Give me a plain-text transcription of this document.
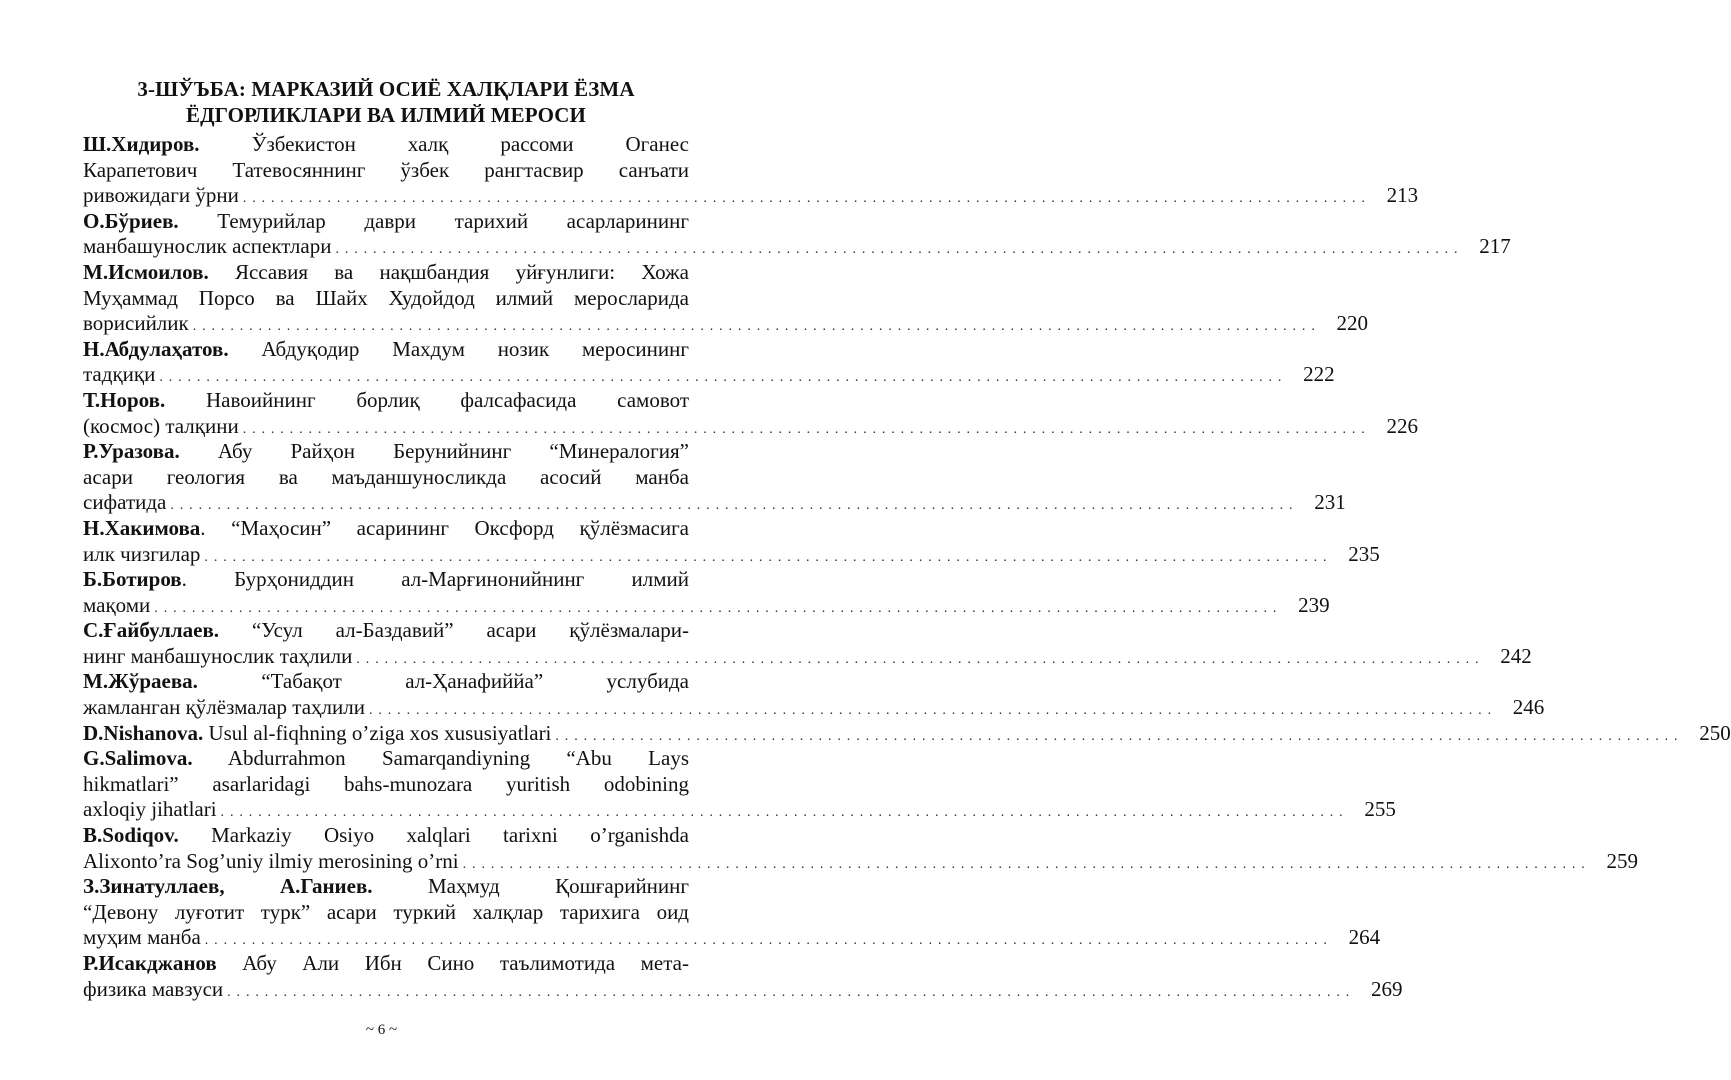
3-ШЎЪБА: МАРКАЗИЙ ОСИЁ ХАЛҚЛАРИ ЁЗМА
ЁДГОРЛИКЛАРИ ВА ИЛМИЙ МЕРОСИ
Ш.Хидиров. Ўзбекистон халқ рассоми Оганес
Карапетович Татевосяннинг ўзбек рангтасвир санъати
ривожидаги ўрни . . . . . . . . . . . . . . . . . . . . . . . . . . . . . . . . . . . . . . . . . . . . . . . . . . . . . . . . . . . . . . . . . . . . . . . . . . . . . . . . . . . . . . . . . . . . . . . . . . . . . . . . . . . . . . . . . . . . . . . . 213
О.Бўриев. Темурийлар даври тарихий асарларининг
манбашунослик аспектлари . . . . . . . . . . . . . . . . . . . . . . . . . . . . . . . . . . . . . . . . . . . . . . . . . . . . . . . . . . . . . . . . . . . . . . . . . . . . . . . . . . . . . . . . . . . . . . . . . . . . . . . . . . . . . . . . . . . . . . . . 217
М.Исмоилов. Яссавия ва нақшбандия уйғунлиги: Хожа
Муҳаммад Порсо ва Шайх Худойдод илмий меросларида
ворисийлик . . . . . . . . . . . . . . . . . . . . . . . . . . . . . . . . . . . . . . . . . . . . . . . . . . . . . . . . . . . . . . . . . . . . . . . . . . . . . . . . . . . . . . . . . . . . . . . . . . . . . . . . . . . . . . . . . . . . . . . . 220
Н.Абдулаҳатов. Абдуқодир Махдум нозик меросининг
тадқиқи . . . . . . . . . . . . . . . . . . . . . . . . . . . . . . . . . . . . . . . . . . . . . . . . . . . . . . . . . . . . . . . . . . . . . . . . . . . . . . . . . . . . . . . . . . . . . . . . . . . . . . . . . . . . . . . . . . . . . . . . 222
Т.Норов. Навоийнинг борлиқ фалсафасида самовот
(космос) талқини . . . . . . . . . . . . . . . . . . . . . . . . . . . . . . . . . . . . . . . . . . . . . . . . . . . . . . . . . . . . . . . . . . . . . . . . . . . . . . . . . . . . . . . . . . . . . . . . . . . . . . . . . . . . . . . . . . . . . . . . 226
Р.Уразова. Абу Райҳон Берунийнинг “Минералогия”
асари геология ва маъданшуносликда асосий манба
сифатида . . . . . . . . . . . . . . . . . . . . . . . . . . . . . . . . . . . . . . . . . . . . . . . . . . . . . . . . . . . . . . . . . . . . . . . . . . . . . . . . . . . . . . . . . . . . . . . . . . . . . . . . . . . . . . . . . . . . . . . . 231
Н.Хакимова. “Маҳосин” асарининг Оксфорд қўлёзмасига
илк чизгилар . . . . . . . . . . . . . . . . . . . . . . . . . . . . . . . . . . . . . . . . . . . . . . . . . . . . . . . . . . . . . . . . . . . . . . . . . . . . . . . . . . . . . . . . . . . . . . . . . . . . . . . . . . . . . . . . . . . . . . . . 235
Б.Ботиров. Бурҳониддин ал-Марғинонийнинг илмий
мақоми . . . . . . . . . . . . . . . . . . . . . . . . . . . . . . . . . . . . . . . . . . . . . . . . . . . . . . . . . . . . . . . . . . . . . . . . . . . . . . . . . . . . . . . . . . . . . . . . . . . . . . . . . . . . . . . . . . . . . . . . 239
С.Ғайбуллаев. “Усул ал-Баздавий” асари қўлёзмалари-
нинг манбашунослик таҳлили . . . . . . . . . . . . . . . . . . . . . . . . . . . . . . . . . . . . . . . . . . . . . . . . . . . . . . . . . . . . . . . . . . . . . . . . . . . . . . . . . . . . . . . . . . . . . . . . . . . . . . . . . . . . . . . . . . . . . . . . 242
М.Жўраева. “Табақот ал-Ҳанафиййа” услубида
жамланган қўлёзмалар таҳлили . . . . . . . . . . . . . . . . . . . . . . . . . . . . . . . . . . . . . . . . . . . . . . . . . . . . . . . . . . . . . . . . . . . . . . . . . . . . . . . . . . . . . . . . . . . . . . . . . . . . . . . . . . . . . . . . . . . . . . . . 246
D.Nishanova. Usul al-fiqhning o’ziga xos xususiyatlari . . . . . . . . . . . . . . . . . . . . . . . . . . . . . . . . . . . . . . . . . . . . . . . . . . . . . . . . . . . . . . . . . . . . . . . . . . . . . . . . . . . . . . . . . . . . . . . . . . . . . . . . . . . . . . . . . . . . . . . . 250
G.Salimova. Abdurrahmon Samarqandiyning “Abu Lays
hikmatlari” asarlaridagi bahs-munozara yuritish odobining
axloqiy jihatlari . . . . . . . . . . . . . . . . . . . . . . . . . . . . . . . . . . . . . . . . . . . . . . . . . . . . . . . . . . . . . . . . . . . . . . . . . . . . . . . . . . . . . . . . . . . . . . . . . . . . . . . . . . . . . . . . . . . . . . . . 255
B.Sodiqov. Markaziy Osiyo xalqlari tarixni o’rganishda
Alixonto’ra Sog’uniy ilmiy merosining o’rni . . . . . . . . . . . . . . . . . . . . . . . . . . . . . . . . . . . . . . . . . . . . . . . . . . . . . . . . . . . . . . . . . . . . . . . . . . . . . . . . . . . . . . . . . . . . . . . . . . . . . . . . . . . . . . . . . . . . . . . . 259
З.Зинатуллаев, А.Ганиев. Маҳмуд Қошғарийнинг
“Девону луғотит турк” асари туркий халқлар тарихига оид
муҳим манба . . . . . . . . . . . . . . . . . . . . . . . . . . . . . . . . . . . . . . . . . . . . . . . . . . . . . . . . . . . . . . . . . . . . . . . . . . . . . . . . . . . . . . . . . . . . . . . . . . . . . . . . . . . . . . . . . . . . . . . . 264
Р.Исакджанов Абу Али Ибн Сино таълимотида мета-
физика мавзуси . . . . . . . . . . . . . . . . . . . . . . . . . . . . . . . . . . . . . . . . . . . . . . . . . . . . . . . . . . . . . . . . . . . . . . . . . . . . . . . . . . . . . . . . . . . . . . . . . . . . . . . . . . . . . . . . . . . . . . . . 269
~ 6 ~
